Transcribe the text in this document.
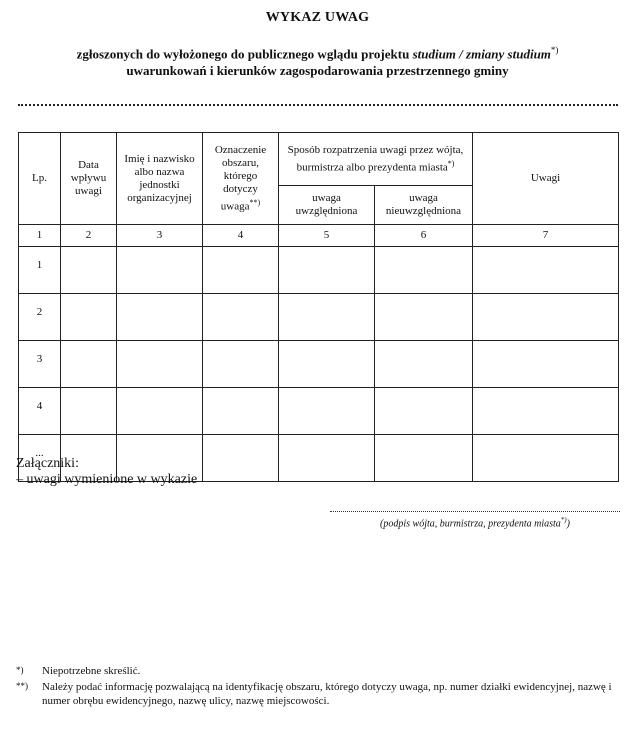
WYKAZ UWAG
zgłoszonych do wyłożonego do publicznego wglądu projektu studium / zmiany studium*)
uwarunkowań i kierunków zagospodarowania przestrzennego gminy
Lp.	Data wpływu uwagi	Imię i nazwisko albo nazwa jednostki organizacyjnej	Oznaczenie obszaru, którego dotyczy uwaga**)	Sposób rozpatrzenia uwagi przez wójta, burmistrza albo prezydenta miasta*)		Uwagi
				uwaga uwzględniona	uwaga nieuwzględniona	
1	2	3	4	5	6	7
1						
2						
3						
4						
...						
Załączniki:
– uwagi wymienione w wykazie
(podpis wójta, burmistrza, prezydenta miasta*))
*)	Niepotrzebne skreślić.
**)	Należy podać informację pozwalającą na identyfikację obszaru, którego dotyczy uwaga, np. numer działki ewidencyjnej, nazwę i numer obrębu ewidencyjnego, nazwę ulicy, nazwę miejscowości.
